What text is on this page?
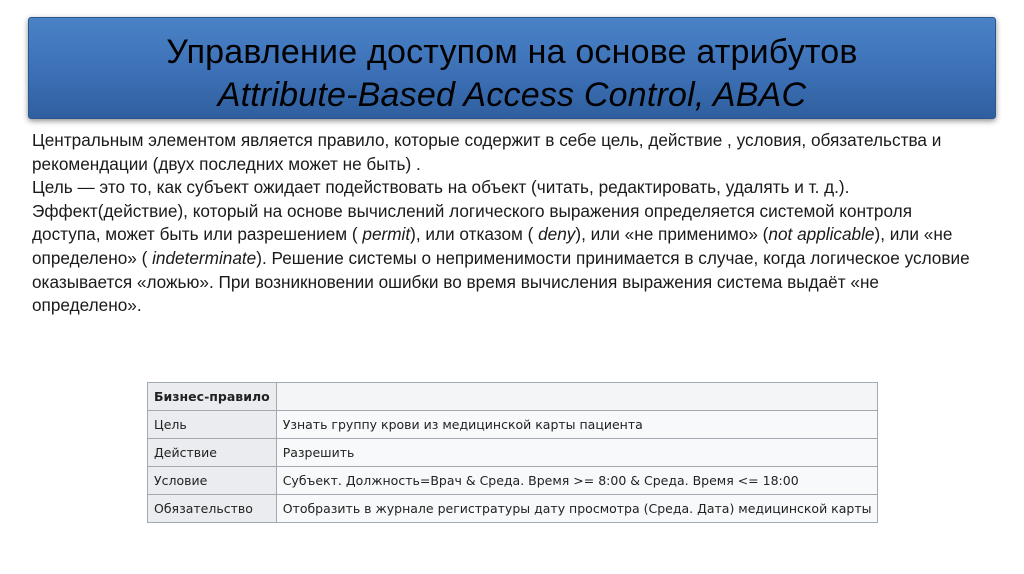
Управление доступом на основе атрибутов
Attribute-Based Access Control, ABAC

Центральным элементом является правило, которые содержит в себе цель, действие , условия, обязательства и рекомендации (двух последних может не быть) .

Цель — это то, как субъект ожидает подействовать на объект (читать, редактировать, удалять и т. д.).

Эффект(действие), который на основе вычислений логического выражения определяется системой контроля доступа, может быть или разрешением ( permit), или отказом ( deny), или «не применимо» (not applicable), или «не определено» ( indeterminate). Решение системы о неприменимости принимается в случае, когда логическое условие оказывается «ложью». При возникновении ошибки во время вычисления выражения система выдаёт «не определено».

Бизнес-правило	
Цель	Узнать группу крови из медицинской карты пациента
Действие	Разрешить
Условие	Субъект. Должность=Врач & Среда. Время >= 8:00 & Среда. Время <= 18:00
Обязательство	Отобразить в журнале регистратуры дату просмотра (Среда. Дата) медицинской карты
